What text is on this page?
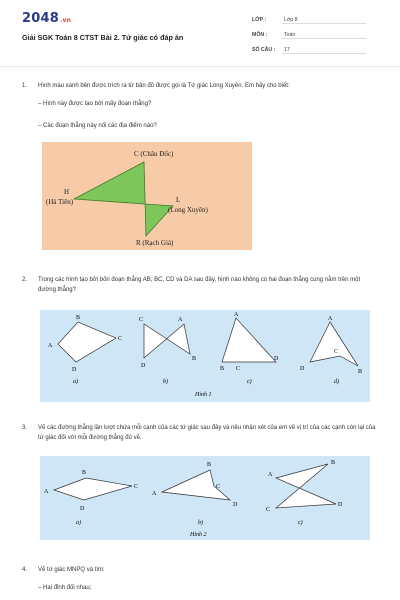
2048.vn
Giải SGK Toán 8 CTST Bài 2. Tứ giác có đáp án
LỚP :	Lớp 8
MÔN :	Toán
SỐ CÂU : 17
1.	Hình màu xanh bên được trích ra từ bản đồ được gọi là Tứ giác Long Xuyên. Em hãy cho biết:
– Hình này được tạo bởi mấy đoạn thẳng?
– Các đoạn thẳng này nối các địa điểm nào?
C (Châu Đốc)
H
(Hà Tiên)	L
(Long Xuyên)
R (Rạch Giá)
2.	Trong các hình tạo bởi bốn đoạn thẳng AB, BC, CD và DA sau đây, hình nào không có hai đoạn thẳng cùng nằm trên một đường thẳng?
A
B
C
D
a)
C	A
D
B
b)
A
B C
D
c)
A
D
C
B
d)
Hình 1
3.	Vẽ các đường thẳng lần lượt chứa mỗi cạnh của các tứ giác sau đây và nêu nhận xét của em về vị trí của các cạnh còn lại của tứ giác đối với mỗi đường thẳng đó vẽ.
A
B
C
D
a)
A
B
C
D
b)
A
B
C
D
c)
Hình 2
4.	Vẽ tứ giác MNPQ và tìm:
– Hai đỉnh đối nhau;
